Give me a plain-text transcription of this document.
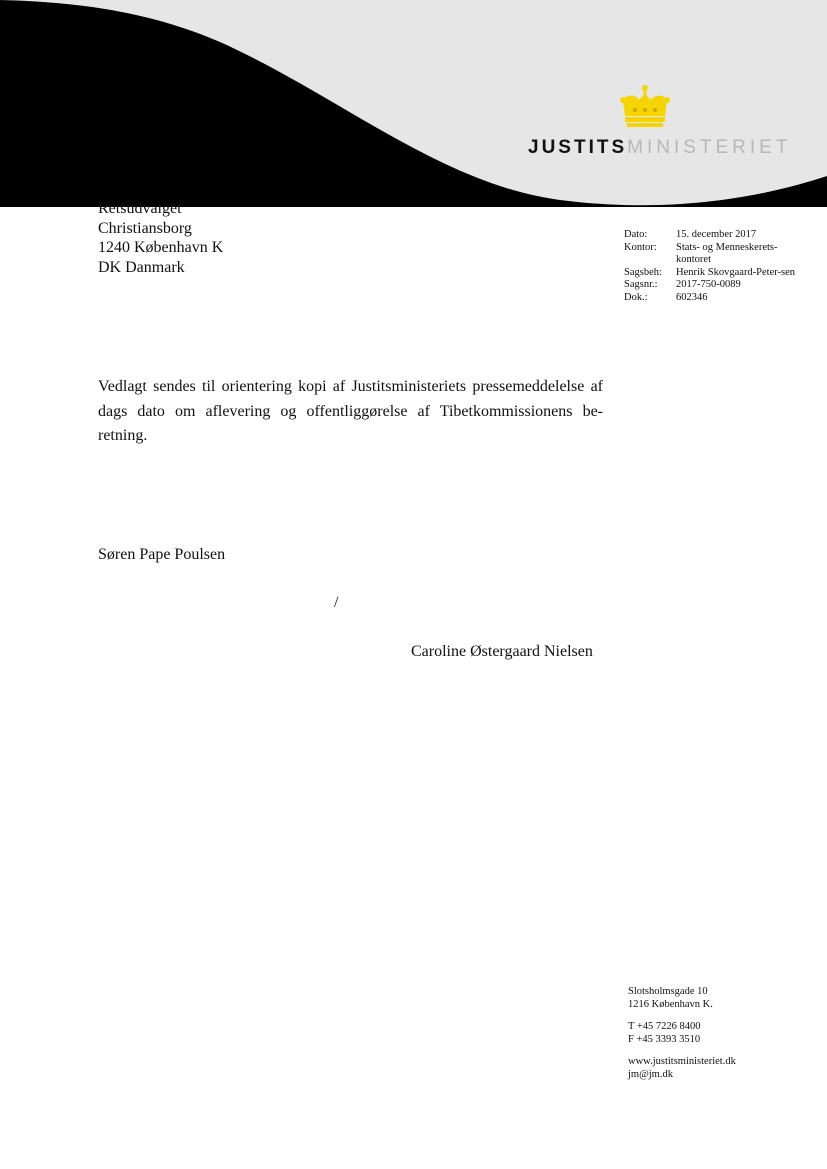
JUSTITSMINISTERIET
Retsudvalget
Christiansborg
1240 København K
DK Danmark
Dato:	15. december 2017
Kontor:	Stats- og Menneskerets-kontoret
Sagsbeh:	Henrik Skovgaard-Peter-sen
Sagsnr.:	2017-750-0089
Dok.:	602346
Vedlagt sendes til orientering kopi af Justitsministeriets pressemeddelelse af dags dato om aflevering og offentliggørelse af Tibetkommissionens be-retning.
Søren Pape Poulsen
/
Caroline Østergaard Nielsen
Slotsholmsgade 10
1216 København K.
T +45 7226 8400
F +45 3393 3510
www.justitsministeriet.dk
jm@jm.dk
